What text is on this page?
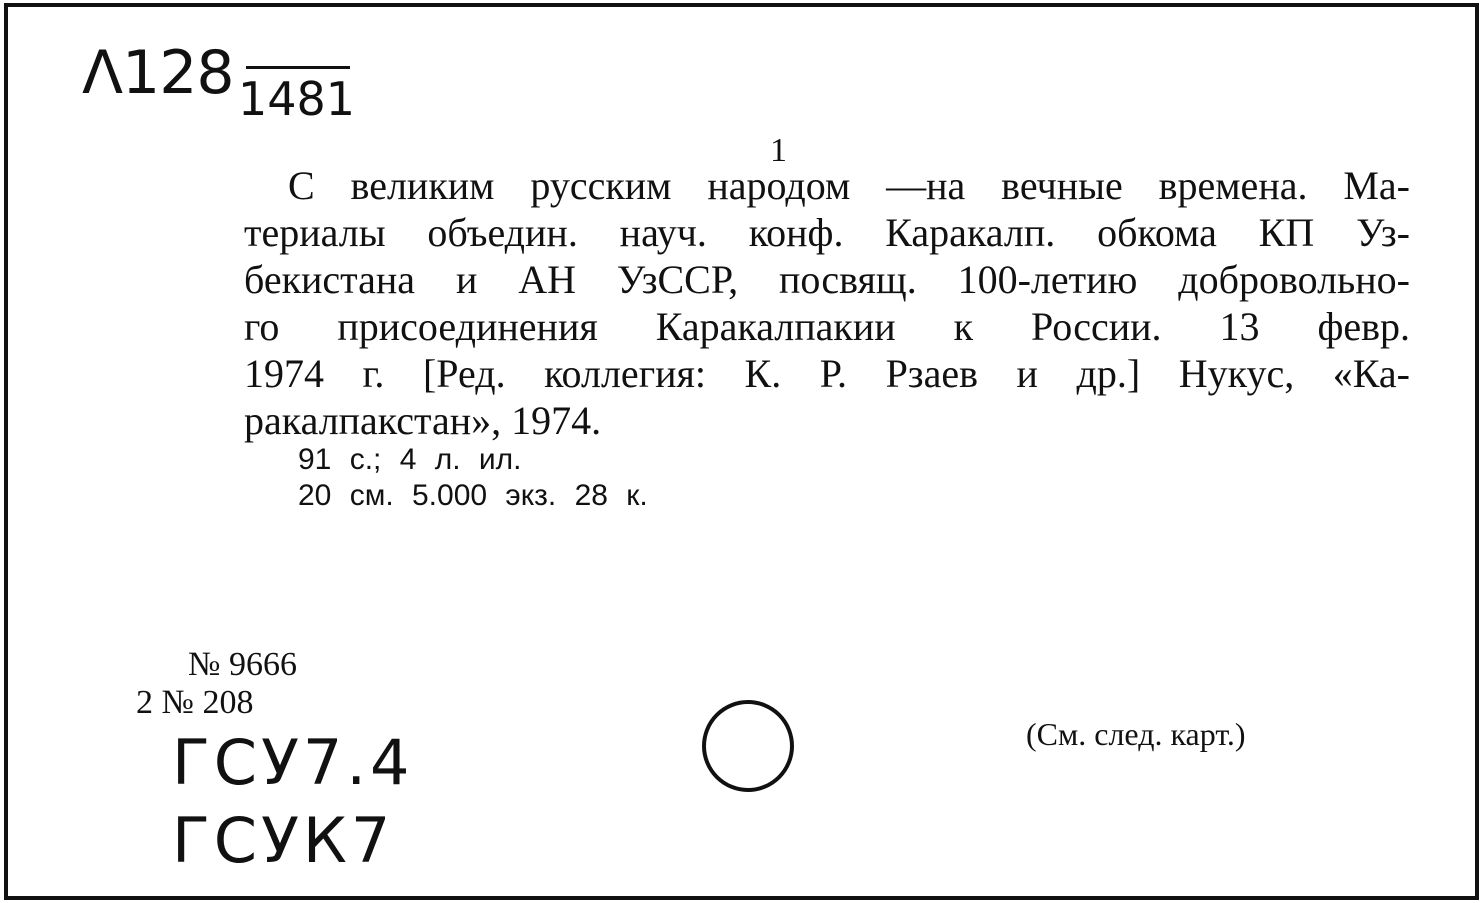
Λ128 1481
1
С великим русским народом —на вечные времена. Ма-
териалы объедин. науч. конф. Каракалп. обкома КП Уз-
бекистана и АН УзССР, посвящ. 100-летию добровольно-
го присоединения Каракалпакии к России. 13 февр.
1974 г. [Ред. коллегия: К. Р. Рзаев и др.] Нукус, «Ка-
ракалпакстан», 1974.
91 с.; 4 л. ил.
20 см. 5.000 экз. 28 к.
№ 9666
2 № 208
ГСУ7.4
ГСУК7
(См. след. карт.)
